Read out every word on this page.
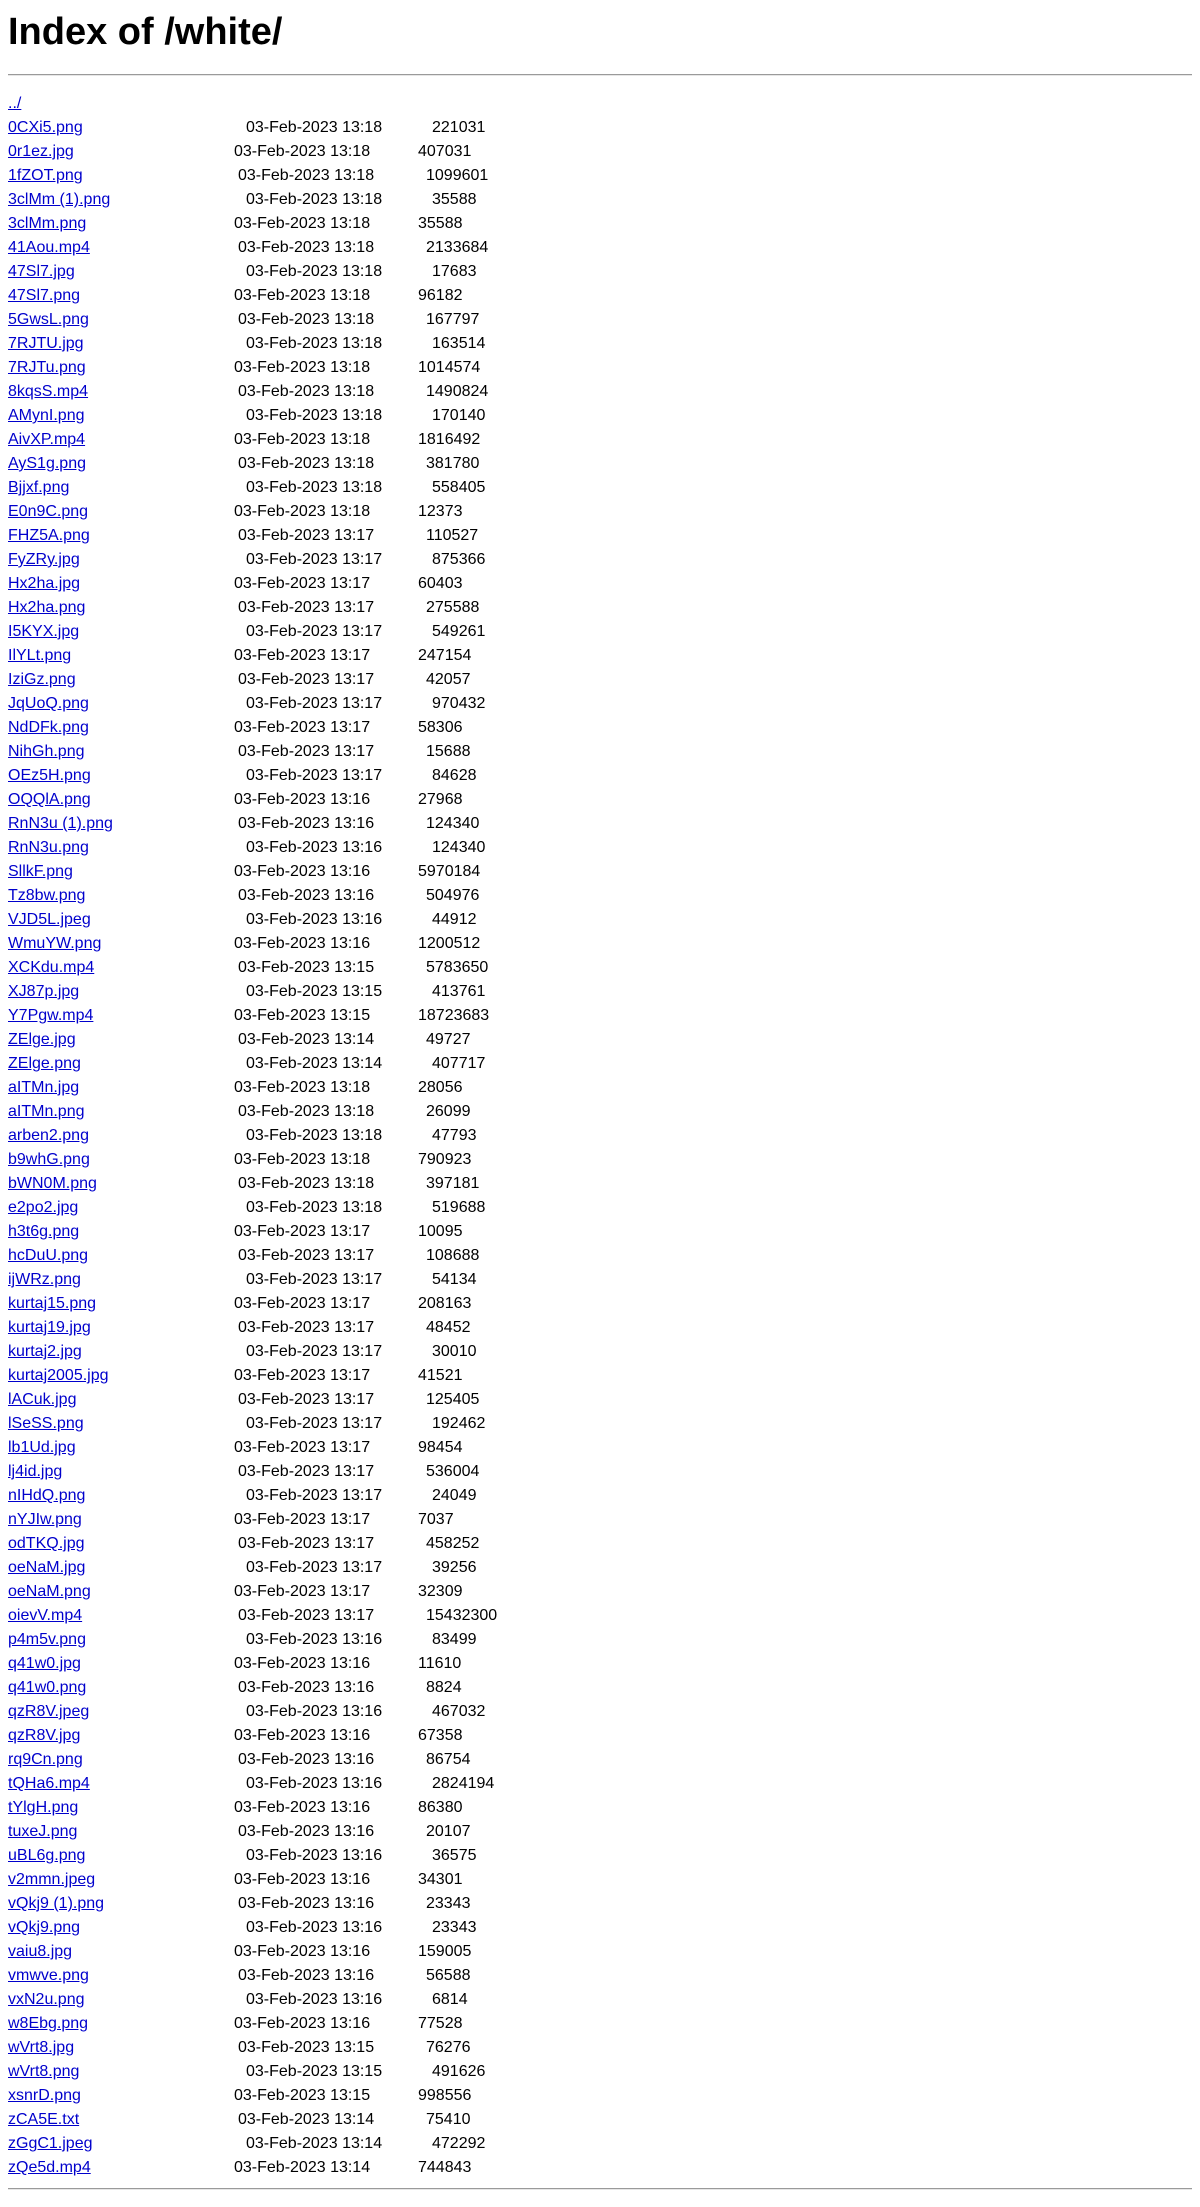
Index of /white/
../
0CXi5.png	03-Feb-2023 13:18	221031
0r1ez.jpg	03-Feb-2023 13:18	407031
1fZOT.png	03-Feb-2023 13:18	1099601
3clMm (1).png	03-Feb-2023 13:18	35588
3clMm.png	03-Feb-2023 13:18	35588
41Aou.mp4	03-Feb-2023 13:18	2133684
47Sl7.jpg	03-Feb-2023 13:18	17683
47Sl7.png	03-Feb-2023 13:18	96182
5GwsL.png	03-Feb-2023 13:18	167797
7RJTU.jpg	03-Feb-2023 13:18	163514
7RJTu.png	03-Feb-2023 13:18	1014574
8kqsS.mp4	03-Feb-2023 13:18	1490824
AMynI.png	03-Feb-2023 13:18	170140
AivXP.mp4	03-Feb-2023 13:18	1816492
AyS1g.png	03-Feb-2023 13:18	381780
Bjjxf.png	03-Feb-2023 13:18	558405
E0n9C.png	03-Feb-2023 13:18	12373
FHZ5A.png	03-Feb-2023 13:17	110527
FyZRy.jpg	03-Feb-2023 13:17	875366
Hx2ha.jpg	03-Feb-2023 13:17	60403
Hx2ha.png	03-Feb-2023 13:17	275588
I5KYX.jpg	03-Feb-2023 13:17	549261
IlYLt.png	03-Feb-2023 13:17	247154
IziGz.png	03-Feb-2023 13:17	42057
JqUoQ.png	03-Feb-2023 13:17	970432
NdDFk.png	03-Feb-2023 13:17	58306
NihGh.png	03-Feb-2023 13:17	15688
OEz5H.png	03-Feb-2023 13:17	84628
OQQlA.png	03-Feb-2023 13:16	27968
RnN3u (1).png	03-Feb-2023 13:16	124340
RnN3u.png	03-Feb-2023 13:16	124340
SllkF.png	03-Feb-2023 13:16	5970184
Tz8bw.png	03-Feb-2023 13:16	504976
VJD5L.jpeg	03-Feb-2023 13:16	44912
WmuYW.png	03-Feb-2023 13:16	1200512
XCKdu.mp4	03-Feb-2023 13:15	5783650
XJ87p.jpg	03-Feb-2023 13:15	413761
Y7Pgw.mp4	03-Feb-2023 13:15	18723683
ZElge.jpg	03-Feb-2023 13:14	49727
ZElge.png	03-Feb-2023 13:14	407717
aITMn.jpg	03-Feb-2023 13:18	28056
aITMn.png	03-Feb-2023 13:18	26099
arben2.png	03-Feb-2023 13:18	47793
b9whG.png	03-Feb-2023 13:18	790923
bWN0M.png	03-Feb-2023 13:18	397181
e2po2.jpg	03-Feb-2023 13:18	519688
h3t6g.png	03-Feb-2023 13:17	10095
hcDuU.png	03-Feb-2023 13:17	108688
ijWRz.png	03-Feb-2023 13:17	54134
kurtaj15.png	03-Feb-2023 13:17	208163
kurtaj19.jpg	03-Feb-2023 13:17	48452
kurtaj2.jpg	03-Feb-2023 13:17	30010
kurtaj2005.jpg	03-Feb-2023 13:17	41521
lACuk.jpg	03-Feb-2023 13:17	125405
lSeSS.png	03-Feb-2023 13:17	192462
lb1Ud.jpg	03-Feb-2023 13:17	98454
lj4id.jpg	03-Feb-2023 13:17	536004
nIHdQ.png	03-Feb-2023 13:17	24049
nYJIw.png	03-Feb-2023 13:17	7037
odTKQ.jpg	03-Feb-2023 13:17	458252
oeNaM.jpg	03-Feb-2023 13:17	39256
oeNaM.png	03-Feb-2023 13:17	32309
oievV.mp4	03-Feb-2023 13:17	15432300
p4m5v.png	03-Feb-2023 13:16	83499
q41w0.jpg	03-Feb-2023 13:16	11610
q41w0.png	03-Feb-2023 13:16	8824
qzR8V.jpeg	03-Feb-2023 13:16	467032
qzR8V.jpg	03-Feb-2023 13:16	67358
rq9Cn.png	03-Feb-2023 13:16	86754
tQHa6.mp4	03-Feb-2023 13:16	2824194
tYlgH.png	03-Feb-2023 13:16	86380
tuxeJ.png	03-Feb-2023 13:16	20107
uBL6g.png	03-Feb-2023 13:16	36575
v2mmn.jpeg	03-Feb-2023 13:16	34301
vQkj9 (1).png	03-Feb-2023 13:16	23343
vQkj9.png	03-Feb-2023 13:16	23343
vaiu8.jpg	03-Feb-2023 13:16	159005
vmwve.png	03-Feb-2023 13:16	56588
vxN2u.png	03-Feb-2023 13:16	6814
w8Ebg.png	03-Feb-2023 13:16	77528
wVrt8.jpg	03-Feb-2023 13:15	76276
wVrt8.png	03-Feb-2023 13:15	491626
xsnrD.png	03-Feb-2023 13:15	998556
zCA5E.txt	03-Feb-2023 13:14	75410
zGgC1.jpeg	03-Feb-2023 13:14	472292
zQe5d.mp4	03-Feb-2023 13:14	744843
